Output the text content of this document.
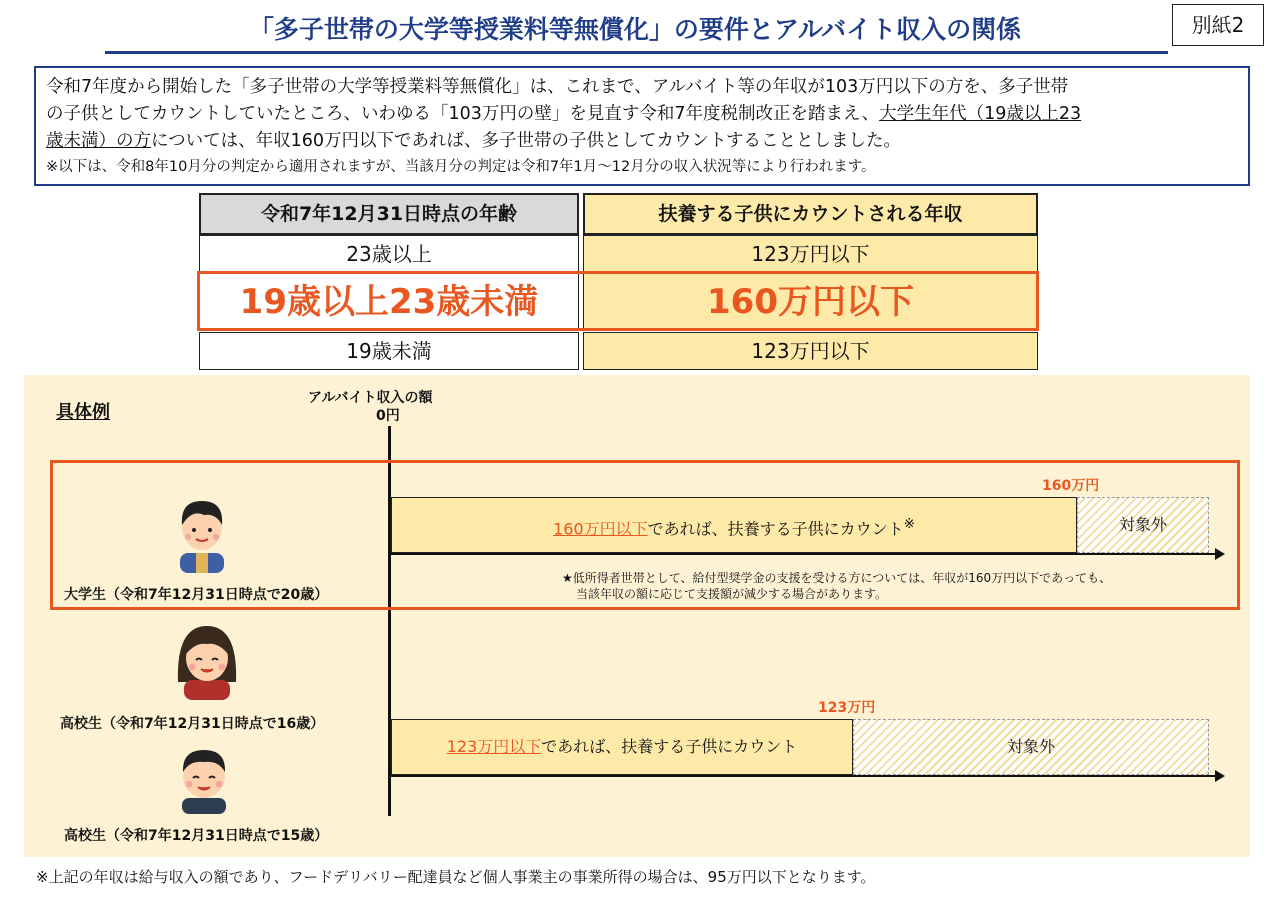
「多子世帯の大学等授業料等無償化」の要件とアルバイト収入の関係	別紙2
令和7年度から開始した「多子世帯の大学等授業料等無償化」は、これまで、アルバイト等の年収が103万円以下の方を、多子世帯
の子供としてカウントしていたところ、いわゆる「103万円の壁」を見直す令和7年度税制改正を踏まえ、大学生年代（19歳以上23
歳未満）の方については、年収160万円以下であれば、多子世帯の子供としてカウントすることとしました。
※以下は、令和8年10月分の判定から適用されますが、当該月分の判定は令和7年1月～12月分の収入状況等により行われます。
令和7年12月31日時点の年齢	扶養する子供にカウントされる年収
23歳以上	123万円以下
19歳以上23歳未満	160万円以下
19歳未満	123万円以下
具体例
アルバイト収入の額
0円
160万円
160万円以下であれば、扶養する子供にカウント※	対象外
★低所得者世帯として、給付型奨学金の支援を受ける方については、年収が160万円以下であっても、
当該年収の額に応じて支援額が減少する場合があります。
大学生（令和7年12月31日時点で20歳）
高校生（令和7年12月31日時点で16歳）
123万円
123万円以下であれば、扶養する子供にカウント	対象外
高校生（令和7年12月31日時点で15歳）
※上記の年収は給与収入の額であり、フードデリバリー配達員など個人事業主の事業所得の場合は、95万円以下となります。
